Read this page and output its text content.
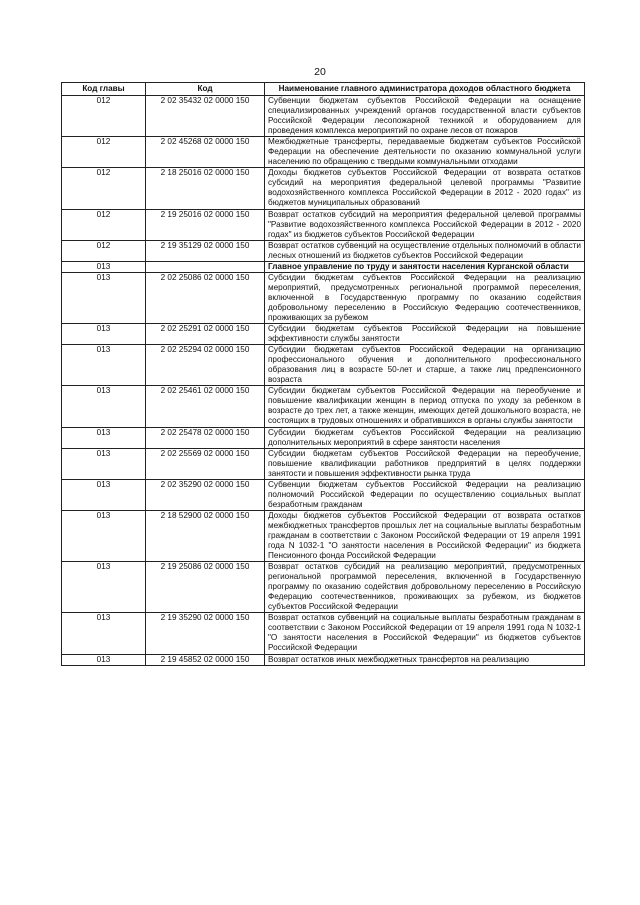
20
Код главы	Код	Наименование главного администратора доходов областного бюджета
012	2 02 35432 02 0000 150	Субвенции бюджетам субъектов Российской Федерации на оснащение специализированных учреждений органов государственной власти субъектов Российской Федерации лесопожарной техникой и оборудованием для проведения комплекса мероприятий по охране лесов от пожаров
012	2 02 45268 02 0000 150	Межбюджетные трансферты, передаваемые бюджетам субъектов Российской Федерации на обеспечение деятельности по оказанию коммунальной услуги населению по обращению с твердыми коммунальными отходами
012	2 18 25016 02 0000 150	Доходы бюджетов субъектов Российской Федерации от возврата остатков субсидий на мероприятия федеральной целевой программы "Развитие водохозяйственного комплекса Российской Федерации в 2012 - 2020 годах" из бюджетов муниципальных образований
012	2 19 25016 02 0000 150	Возврат остатков субсидий на мероприятия федеральной целевой программы "Развитие водохозяйственного комплекса Российской Федерации в 2012 - 2020 годах" из бюджетов субъектов Российской Федерации
012	2 19 35129 02 0000 150	Возврат остатков субвенций на осуществление отдельных полномочий в области лесных отношений из бюджетов субъектов Российской Федерации
013		Главное управление по труду и занятости населения Курганской области
013	2 02 25086 02 0000 150	Субсидии бюджетам субъектов Российской Федерации на реализацию мероприятий, предусмотренных региональной программой переселения, включенной в Государственную программу по оказанию содействия добровольному переселению в Российскую Федерацию соотечественников, проживающих за рубежом
013	2 02 25291 02 0000 150	Субсидии бюджетам субъектов Российской Федерации на повышение эффективности службы занятости
013	2 02 25294 02 0000 150	Субсидии бюджетам субъектов Российской Федерации на организацию профессионального обучения и дополнительного профессионального образования лиц в возрасте 50-лет и старше, а также лиц предпенсионного возраста
013	2 02 25461 02 0000 150	Субсидии бюджетам субъектов Российской Федерации на переобучение и повышение квалификации женщин в период отпуска по уходу за ребенком в возрасте до трех лет, а также женщин, имеющих детей дошкольного возраста, не состоящих в трудовых отношениях и обратившихся в органы службы занятости
013	2 02 25478 02 0000 150	Субсидии бюджетам субъектов Российской Федерации на реализацию дополнительных мероприятий в сфере занятости населения
013	2 02 25569 02 0000 150	Субсидии бюджетам субъектов Российской Федерации на переобучение, повышение квалификации работников предприятий в целях поддержки занятости и повышения эффективности рынка труда
013	2 02 35290 02 0000 150	Субвенции бюджетам субъектов Российской Федерации на реализацию полномочий Российской Федерации по осуществлению социальных выплат безработным гражданам
013	2 18 52900 02 0000 150	Доходы бюджетов субъектов Российской Федерации от возврата остатков межбюджетных трансфертов прошлых лет на социальные выплаты безработным гражданам в соответствии с Законом Российской Федерации от 19 апреля 1991 года N 1032-1 "О занятости населения в Российской Федерации" из бюджета Пенсионного фонда Российской Федерации
013	2 19 25086 02 0000 150	Возврат остатков субсидий на реализацию мероприятий, предусмотренных региональной программой переселения, включенной в Государственную программу по оказанию содействия добровольному переселению в Российскую Федерацию соотечественников, проживающих за рубежом, из бюджетов субъектов Российской Федерации
013	2 19 35290 02 0000 150	Возврат остатков субвенций на социальные выплаты безработным гражданам в соответствии с Законом Российской Федерации от 19 апреля 1991 года N 1032-1 "О занятости населения в Российской Федерации" из бюджетов субъектов Российской Федерации
013	2 19 45852 02 0000 150	Возврат остатков иных межбюджетных трансфертов на реализацию
